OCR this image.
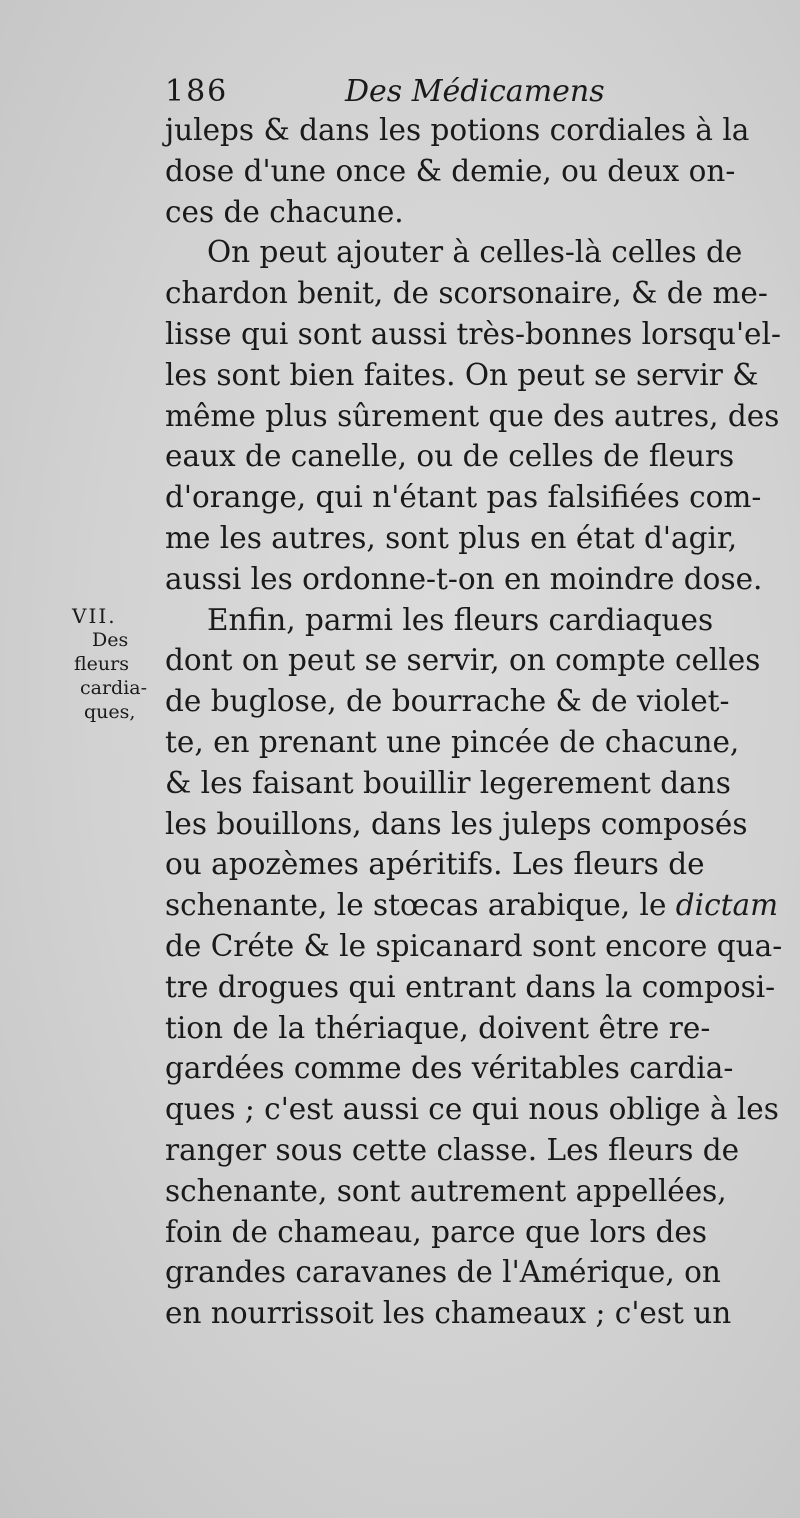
186	Des Médicamens
VII.
Des
fleurs
cardia-
ques,
juleps & dans les potions cordiales à la
dose d'une once & demie, ou deux on-
ces de chacune.
On peut ajouter à celles-là celles de
chardon benit, de scorsonaire, & de me-
lisse qui sont aussi très-bonnes lorsqu'el-
les sont bien faites. On peut se servir &
même plus sûrement que des autres, des
eaux de canelle, ou de celles de fleurs
d'orange, qui n'étant pas falsifiées com-
me les autres, sont plus en état d'agir,
aussi les ordonne-t-on en moindre dose.
Enfin, parmi les fleurs cardiaques
dont on peut se servir, on compte celles
de buglose, de bourrache & de violet-
te, en prenant une pincée de chacune,
& les faisant bouillir legerement dans
les bouillons, dans les juleps composés
ou apozèmes apéritifs. Les fleurs de
schenante, le stœcas arabique, le dictam
de Créte & le spicanard sont encore qua-
tre drogues qui entrant dans la composi-
tion de la thériaque, doivent être re-
gardées comme des véritables cardia-
ques ; c'est aussi ce qui nous oblige à les
ranger sous cette classe. Les fleurs de
schenante, sont autrement appellées,
foin de chameau, parce que lors des
grandes caravanes de l'Amérique, on
en nourrissoit les chameaux ; c'est un
